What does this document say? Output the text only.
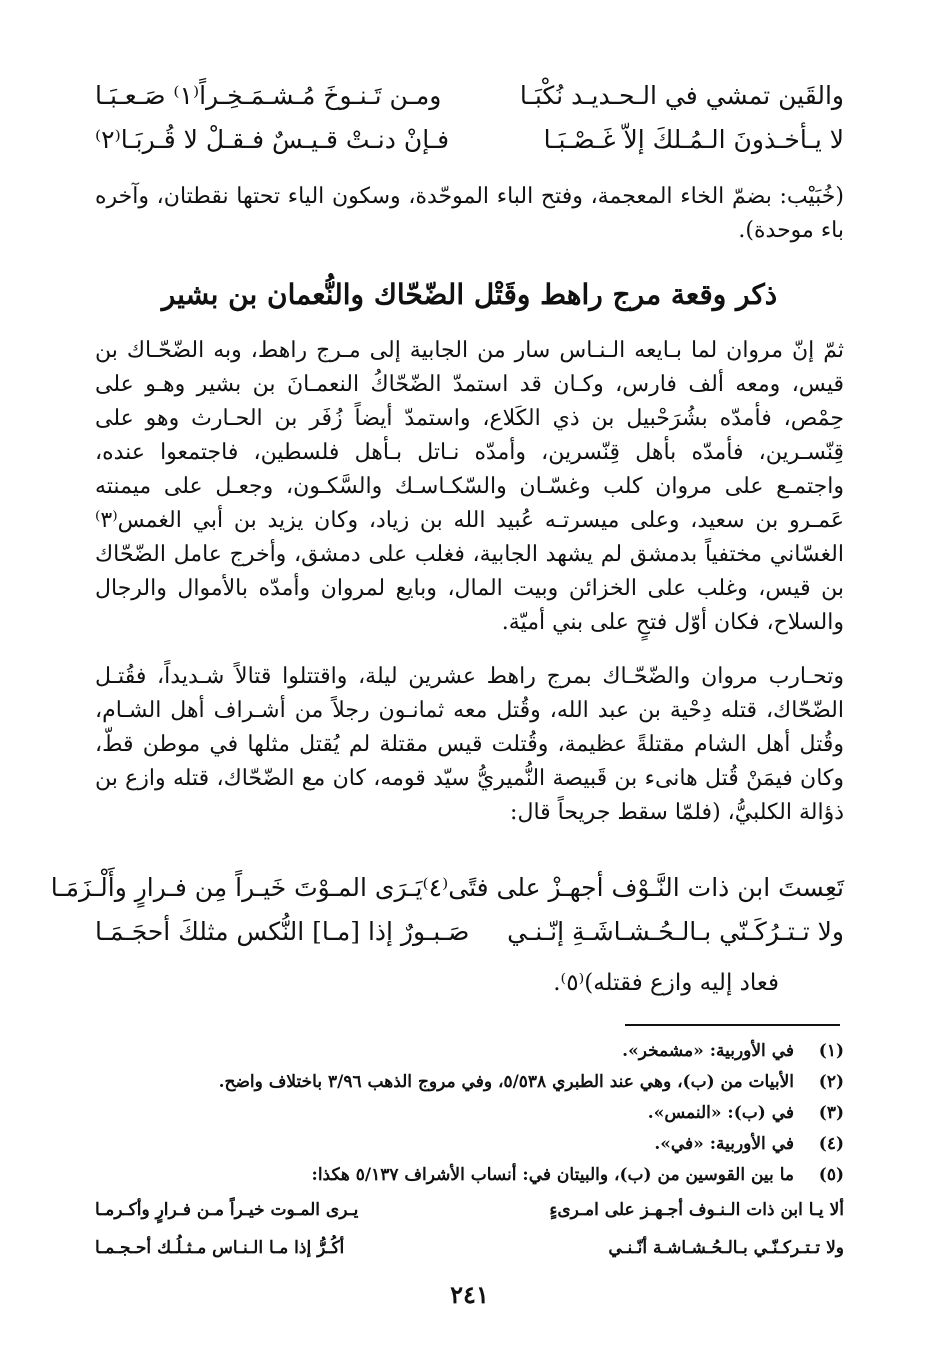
والقَين تمشي في الـحـديـد نُكْبَـا
ومـن تَـنـوخَ مُـشـمَـخِـراً⁽١⁾ صَـعـبَـا
لا يـأخـذونَ الـمُـلكَ إلاّ غَـصْـبَـا
فـإنْ دنـتْ قـيـسٌ فـقـلْ لا قُـربَـا⁽٢⁾
(خُبَيْب: بضمّ الخاء المعجمة، وفتح الباء الموحّدة، وسكون الياء تحتها نقطتان، وآخره باء موحدة).
ذكر وقعة مرج راهط وقَتْل الضّحّاك والنُّعمان بن بشير
ثمّ إنّ مروان لما بـايعه الـنـاس سار من الجابية إلى مـرج راهط، وبه الضّحّـاك بن قيس، ومعه ألف فارس، وكـان قد استمدّ الضّحّاكُ النعمـانَ بن بشير وهـو على حِمْص، فأمدّه بشُرَحْبيل بن ذي الكَلاع، واستمدّ أيضاً زُفَر بن الحـارث وهو على قِنّسـرين، فأمدّه بأهل قِنّسرين، وأمدّه نـاتل بـأهل فلسطين، فاجتمعوا عنده، واجتمـع على مروان كلب وغسّـان والسّكـاسـك والسَّكـون، وجعـل على ميمنته عَمـرو بن سعيد، وعلى ميسرتـه عُبيد الله بن زياد، وكان يزيد بن أبي الغمس⁽٣⁾ الغسّاني مختفياً بدمشق لم يشهد الجابية، فغلب على دمشق، وأخرج عامل الضّحّاك بن قيس، وغلب على الخزائن وبيت المال، وبايع لمروان وأمدّه بالأموال والرجال والسلاح، فكان أوّل فتحٍ على بني أميّة.
وتحـارب مروان والضّحّـاك بمرج راهط عشرين ليلة، واقتتلوا قتالاً شـديداً، فقُتـل الضّحّاك، قتله دِحْية بن عبد الله، وقُتل معه ثمانـون رجلاً من أشـراف أهل الشـام، وقُتل أهل الشام مقتلةً عظيمة، وقُتلت قيس مقتلة لم يُقتل مثلها في موطن قطّ، وكان فيمَنْ قُتل هانىء بن قَبيصة النُّميريُّ سيّد قومه، كان مع الضّحّاك، قتله وازع بن ذؤالة الكلبيُّ، (فلمّا سقط جريحاً قال:
تَعِستَ ابن ذات النَّـوْف أجهـزْ على فتًى⁽٤⁾
يَـرَى المـوْتَ خَيـراً مِن فـرارٍ وأَلْـزَمَـا
ولا تـتـرُكَـنّي بـالـحُـشـاشَـةِ إنّـنـي
صَـبـورٌ إذا [مـا] النُّكس مثلكَ أحجَـمَـا
فعاد إليه وازع فقتله)⁽٥⁾.
(١)
في الأوربية: «مشمخر».
(٢)
الأبيات من (ب)، وهي عند الطبري ٥/٥٣٨، وفي مروج الذهب ٣/٩٦ باختلاف واضح.
(٣)
في (ب): «النمس».
(٤)
في الأوربية: «في».
(٥)
ما بين القوسين من (ب)، والبيتان في: أنساب الأشراف ٥/١٣٧ هكذا:
ألا يـا ابن ذات الـنـوف أجـهـز على امـرىءٍ
يـرى المـوت خيـراً مـن فـرارٍ وأكـرمـا
ولا تـتـركـنّـي بـالـحُـشـاشـة أنّـنـي
أكُـرُّ إذا مـا الـنـاس مـثـلُـك أحـجـمـا
٢٤١
